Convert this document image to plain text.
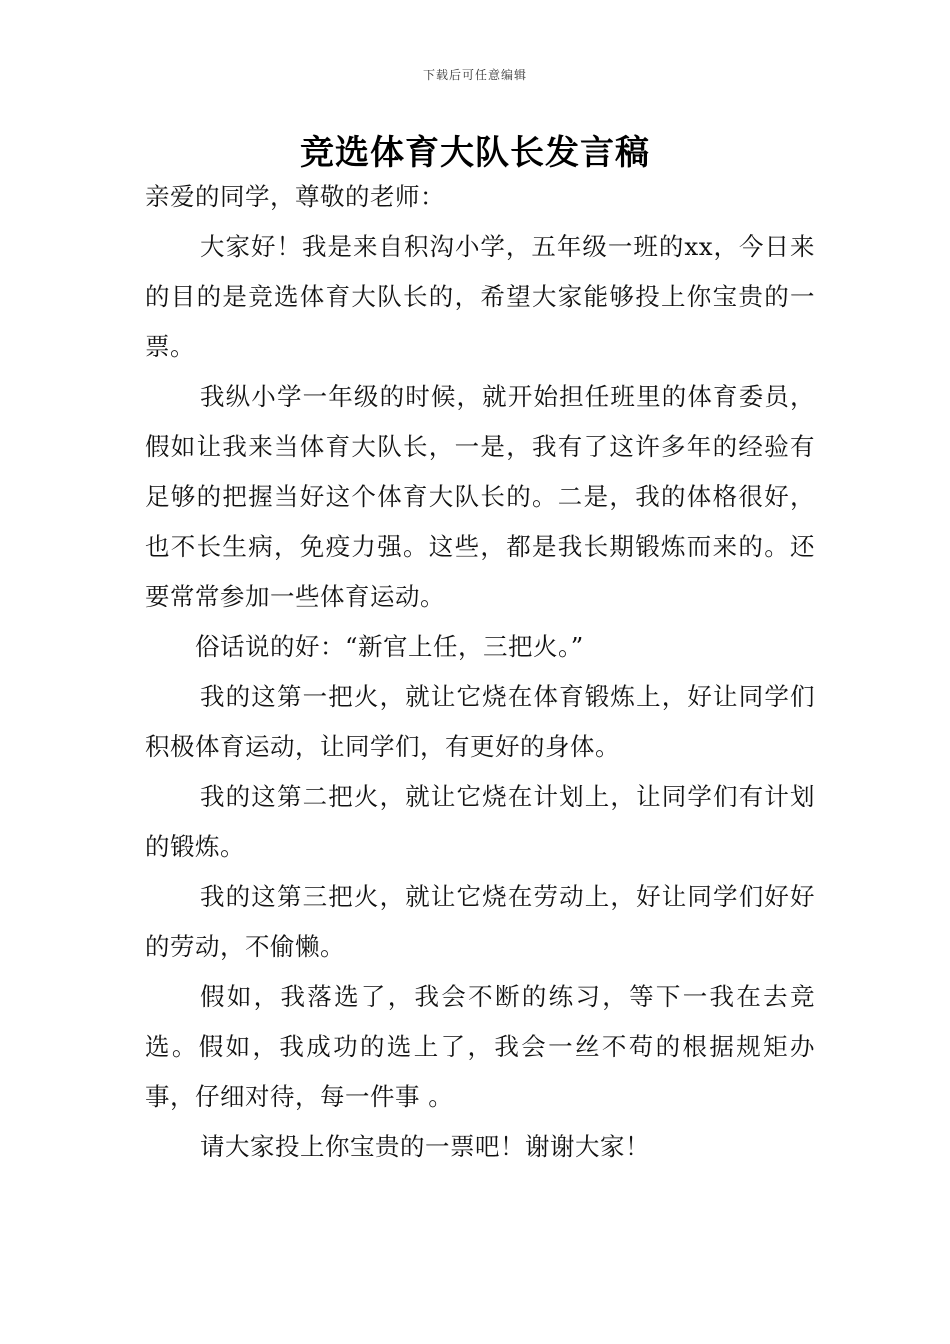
下载后可任意编辑
竞选体育大队长发言稿

亲爱的同学，尊敬的老师：

大家好！我是来自积沟小学，五年级一班的xx，今日来的目的是竞选体育大队长的，希望大家能够投上你宝贵的一票。

我纵小学一年级的时候，就开始担任班里的体育委员，假如让我来当体育大队长，一是，我有了这许多年的经验有足够的把握当好这个体育大队长的。二是，我的体格很好，也不长生病，免疫力强。这些，都是我长期锻炼而来的。还要常常参加一些体育运动。

俗话说的好：“新官上任，三把火。”

我的这第一把火，就让它烧在体育锻炼上，好让同学们积极体育运动，让同学们，有更好的身体。

我的这第二把火，就让它烧在计划上，让同学们有计划的锻炼。

我的这第三把火，就让它烧在劳动上，好让同学们好好的劳动，不偷懒。

假如，我落选了，我会不断的练习，等下一我在去竞选。假如，我成功的选上了，我会一丝不苟的根据规矩办事，仔细对待，每一件事 。

请大家投上你宝贵的一票吧！谢谢大家！
